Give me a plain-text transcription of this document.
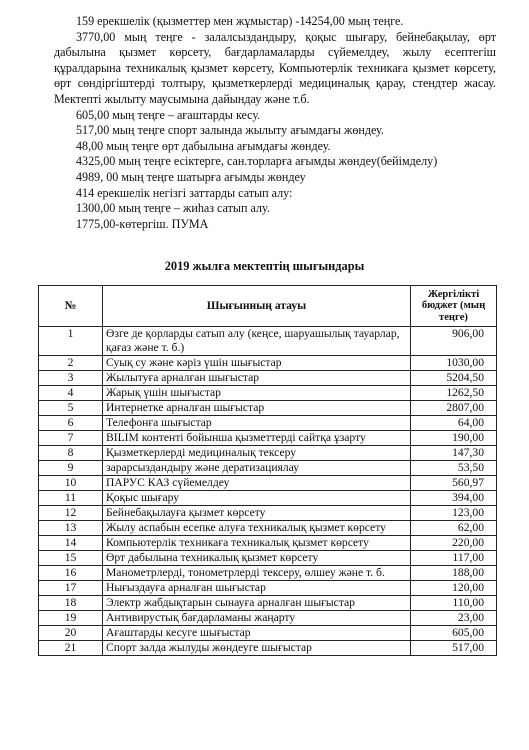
159 ерекшелік (қызметтер мен жұмыстар) -14254,00 мың теңге.

3770,00 мың теңге - залалсыздандыру, қоқыс шығару, бейнебақылау, өрт дабылына қызмет көрсету, бағдарламаларды сүйемелдеу, жылу есептегіш құралдарына техникалық қызмет көрсету, Компьютерлік техникаға қызмет көрсету, өрт сөндіргіштерді толтыру, қызметкерлерді медициналық қарау, стендтер жасау. Мектепті жылыту маусымына дайындау және т.б.

605,00 мың теңге – ағаштарды кесу.

517,00 мың теңге спорт залында жылыту ағымдағы жөндеу.

48,00 мың теңге өрт дабылына ағымдағы жөндеу.

4325,00 мың теңге есіктерге, сан.торларға ағымды жөндеу(бейімделу)

4989, 00 мың теңге шатырға ағымды жөндеу

414 ерекшелік негізгі заттарды сатып алу:

1300,00 мың теңге – жиһаз сатып алу.

1775,00-көтергіш. ПУМА

2019 жылға мектептің шығындары
№	Шығынның атауы	Жергілікті бюджет (мың теңге)
1	Өзге де қорларды сатып алу (кеңсе, шаруашылық тауарлар, қағаз және т. б.)	906,00
2	Суық су және кәріз үшін шығыстар	1030,00
3	Жылытуға арналған шығыстар	5204,50
4	Жарық үшін шығыстар	1262,50
5	Интернетке арналған шығыстар	2807,00
6	Телефонға шығыстар	64,00
7	BILIM контенті бойынша қызметтерді сайтқа ұзарту	190,00
8	Қызметкерлерді медициналық тексеру	147,30
9	зарарсыздандыру және дератизациялау	53,50
10	ПАРУС КАЗ сүйемелдеу	560,97
11	Қоқыс шығару	394,00
12	Бейнебақылауға қызмет көрсету	123,00
13	Жылу аспабын есепке алуға техникалық қызмет көрсету	62,00
14	Компьютерлік техникаға техникалық қызмет көрсету	220,00
15	Өрт дабылына техникалық қызмет көрсету	117,00
16	Манометрлерді, тонометрлерді тексеру, өлшеу және т. б.	188,00
17	Нығыздауға арналған шығыстар	120,00
18	Электр жабдықтарын сынауға арналған шығыстар	110,00
19	Антивирустық бағдарламаны жаңарту	23,00
20	Ағаштарды кесуге шығыстар	605,00
21	Спорт залда жылуды жөндеуге шығыстар	517,00
